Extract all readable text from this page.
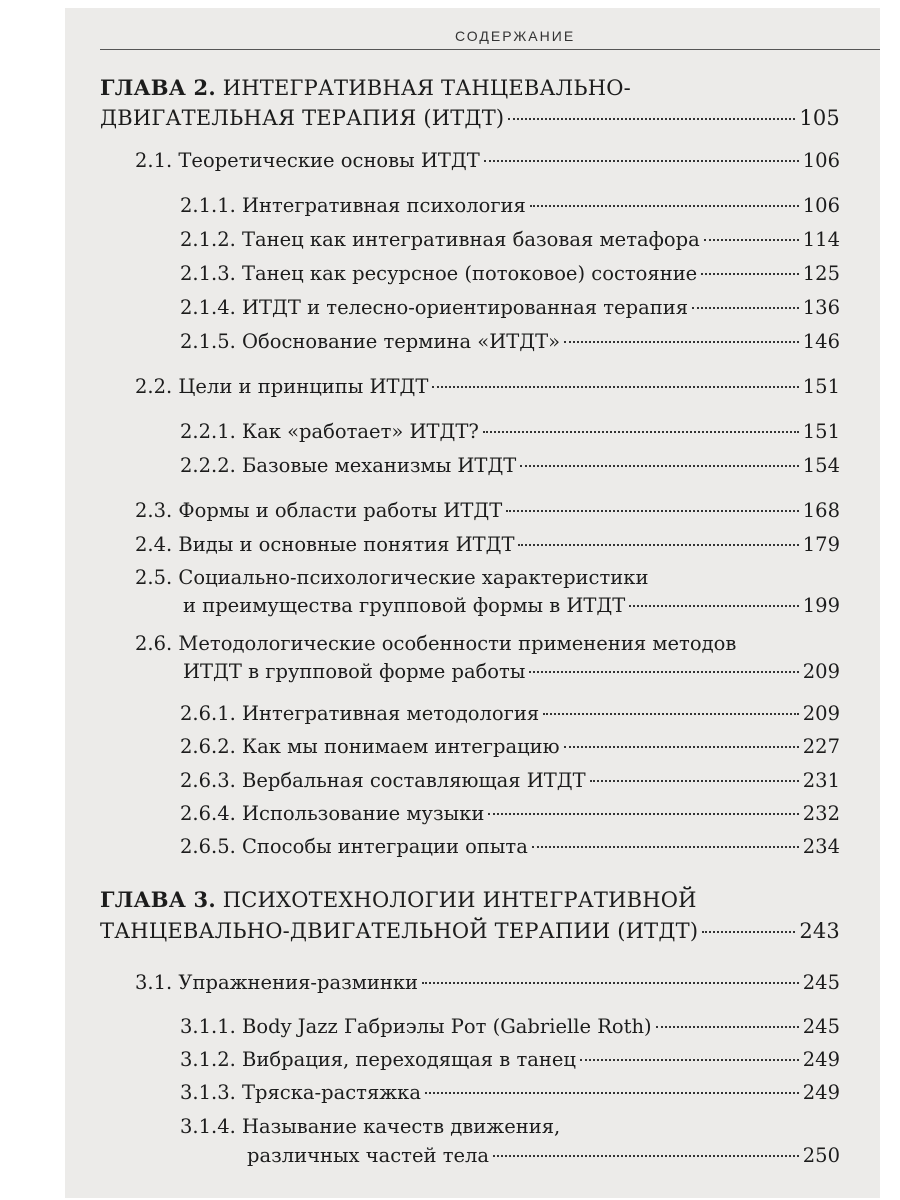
СОДЕРЖАНИЕ
ГЛАВА 2. ИНТЕГРАТИВНАЯ ТАНЦЕВАЛЬНО-
ДВИГАТЕЛЬНАЯ ТЕРАПИЯ (ИТДТ)	105
2.1. Теоретические основы ИТДТ	106
2.1.1. Интегративная психология	106
2.1.2. Танец как интегративная базовая метафора	114
2.1.3. Танец как ресурсное (потоковое) состояние	125
2.1.4. ИТДТ и телесно-ориентированная терапия	136
2.1.5. Обоснование термина «ИТДТ»	146
2.2. Цели и принципы ИТДТ	151
2.2.1. Как «работает» ИТДТ?	151
2.2.2. Базовые механизмы ИТДТ	154
2.3. Формы и области работы ИТДТ	168
2.4. Виды и основные понятия ИТДТ	179
2.5. Социально-психологические характеристики
и преимущества групповой формы в ИТДТ	199
2.6. Методологические особенности применения методов
ИТДТ в групповой форме работы	209
2.6.1. Интегративная методология	209
2.6.2. Как мы понимаем интеграцию	227
2.6.3. Вербальная составляющая ИТДТ	231
2.6.4. Использование музыки	232
2.6.5. Способы интеграции опыта	234
ГЛАВА 3. ПСИХОТЕХНОЛОГИИ ИНТЕГРАТИВНОЙ
ТАНЦЕВАЛЬНО-ДВИГАТЕЛЬНОЙ ТЕРАПИИ (ИТДТ)	243
3.1. Упражнения-разминки	245
3.1.1. Body Jazz Габриэлы Рот (Gabrielle Roth)	245
3.1.2. Вибрация, переходящая в танец	249
3.1.3. Тряска-растяжка	249
3.1.4. Называние качеств движения,
различных частей тела	250
